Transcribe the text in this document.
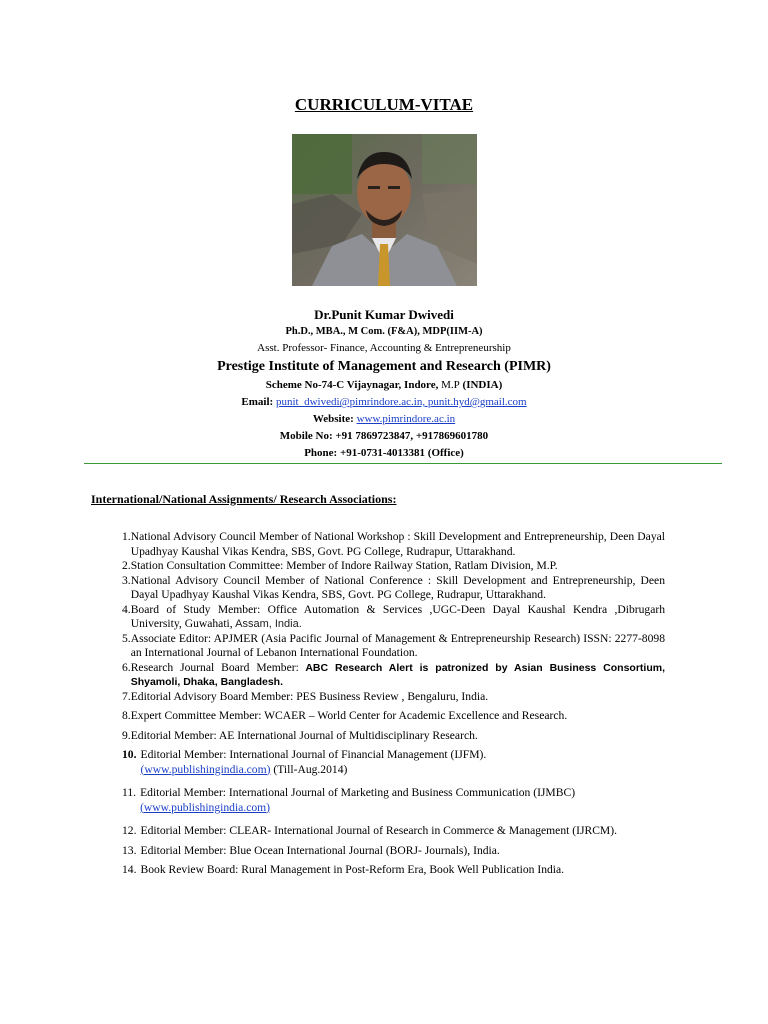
CURRICULUM-VITAE
Dr.Punit Kumar Dwivedi
Ph.D., MBA., M Com. (F&A), MDP(IIM-A)
Asst. Professor- Finance, Accounting & Entrepreneurship
Prestige Institute of Management and Research (PIMR)
Scheme No-74-C Vijaynagar, Indore, M.P (INDIA)
Email: punit_dwivedi@pimrindore.ac.in, punit.hyd@gmail.com
Website: www.pimrindore.ac.in
Mobile No: +91 7869723847, +917869601780
Phone: +91-0731-4013381 (Office)
International/National Assignments/ Research Associations:
1. National Advisory Council Member of National Workshop : Skill Development and Entrepreneurship, Deen Dayal Upadhyay Kaushal Vikas Kendra, SBS, Govt. PG College, Rudrapur, Uttarakhand.
2. Station Consultation Committee: Member of Indore Railway Station, Ratlam Division, M.P.
3. National Advisory Council Member of National Conference : Skill Development and Entrepreneurship, Deen Dayal Upadhyay Kaushal Vikas Kendra, SBS, Govt. PG College, Rudrapur, Uttarakhand.
4. Board of Study Member: Office Automation & Services ,UGC-Deen Dayal Kaushal Kendra ,Dibrugarh University, Guwahati, Assam, India.
5. Associate Editor: APJMER (Asia Pacific Journal of Management & Entrepreneurship Research) ISSN: 2277-8098 an International Journal of Lebanon International Foundation.
6. Research Journal Board Member: ABC Research Alert is patronized by Asian Business Consortium, Shyamoli, Dhaka, Bangladesh.
7. Editorial Advisory Board Member: PES Business Review , Bengaluru, India.
8. Expert Committee Member: WCAER – World Center for Academic Excellence and Research.
9. Editorial Member: AE International Journal of Multidisciplinary Research.
10. Editorial Member: International Journal of Financial Management (IJFM).
(www.publishingindia.com) (Till-Aug.2014)
11. Editorial Member: International Journal of Marketing and Business Communication (IJMBC)
(www.publishingindia.com)
12. Editorial Member: CLEAR- International Journal of Research in Commerce & Management (IJRCM).
13. Editorial Member: Blue Ocean International Journal (BORJ- Journals), India.
14. Book Review Board: Rural Management in Post-Reform Era, Book Well Publication India.
